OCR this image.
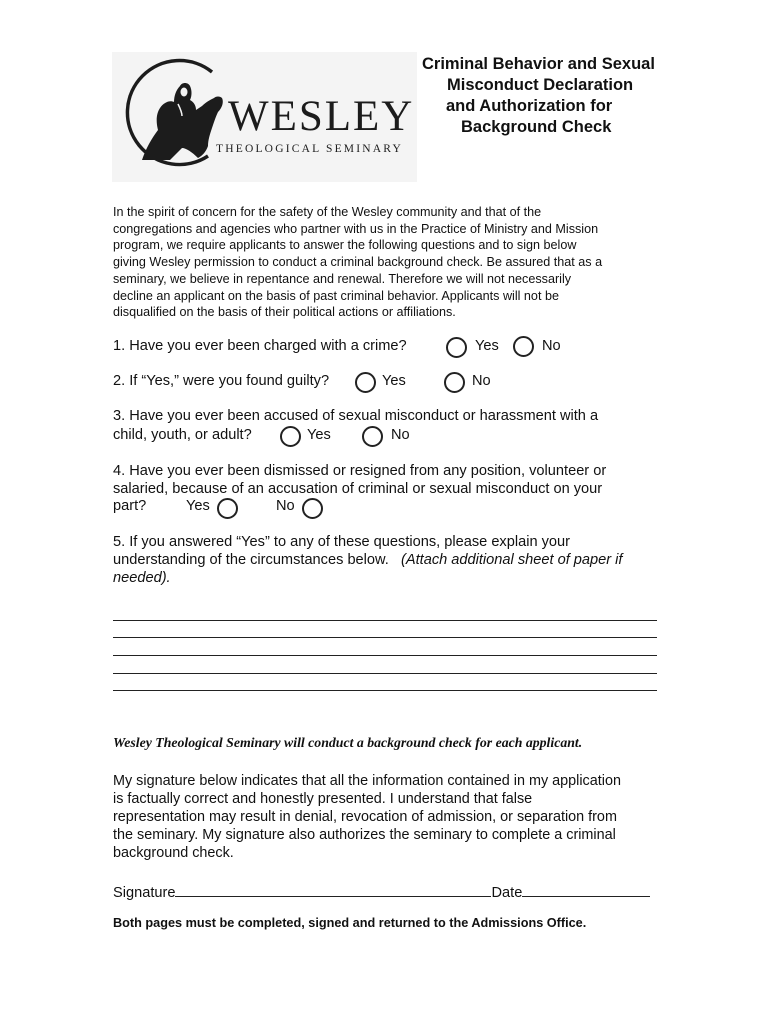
WESLEY
THEOLOGICAL SEMINARY
Criminal Behavior and Sexual
Misconduct Declaration
and Authorization for
Background Check
In the spirit of concern for the safety of the Wesley community and that of the
congregations and agencies who partner with us in the Practice of Ministry and Mission
program, we require applicants to answer the following questions and to sign below
giving Wesley permission to conduct a criminal background check. Be assured that as a
seminary, we believe in repentance and renewal. Therefore we will not necessarily
decline an applicant on the basis of past criminal behavior. Applicants will not be
disqualified on the basis of their political actions or affiliations.
1. Have you ever been charged with a crime?	Yes	No
2. If “Yes,” were you found guilty?	Yes	No
3. Have you ever been accused of sexual misconduct or harassment with a
child, youth, or adult?	Yes	No
4. Have you ever been dismissed or resigned from any position, volunteer or
salaried, because of an accusation of criminal or sexual misconduct on your
part?	Yes	No
5. If you answered “Yes” to any of these questions, please explain your
understanding of the circumstances below. (Attach additional sheet of paper if
needed).
Wesley Theological Seminary will conduct a background check for each applicant.
My signature below indicates that all the information contained in my application
is factually correct and honestly presented. I understand that false
representation may result in denial, revocation of admission, or separation from
the seminary. My signature also authorizes the seminary to complete a criminal
background check.
Signature	Date
Both pages must be completed, signed and returned to the Admissions Office.
